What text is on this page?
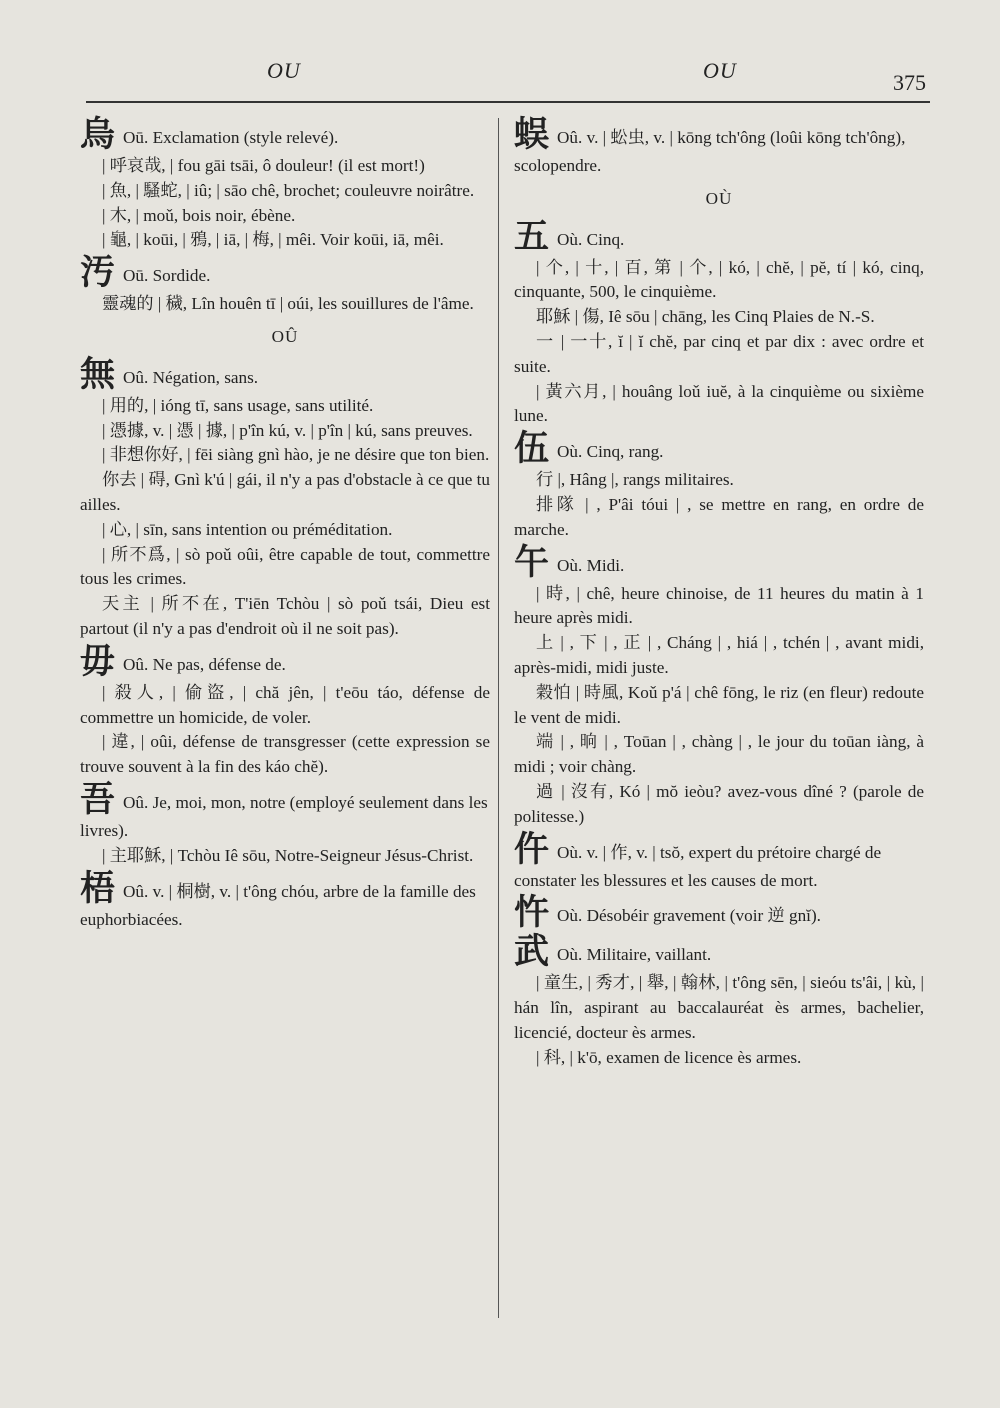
OU	OU	375
烏 Oū. Exclamation (style relevé).
| 呼哀哉, | fou gāi tsāi, ô douleur! (il est mort!)
| 魚, | 騷蛇, | iû; | sāo chê, brochet; couleuvre noirâtre.
| 木, | moǔ, bois noir, ébène.
| 龜, | koūi, | 鴉, | iā, | 梅, | mêi. Voir koūi, iā, mêi.
汚 Oū. Sordide.
靈魂的 | 穢, Lîn houên tī | oúi, les souillures de l'âme.
OÛ
無 Oû. Négation, sans.
| 用的, | ióng tī, sans usage, sans utilité.
| 憑據, v. | 憑 | 據, | p'în kú, v. | p'în | kú, sans preuves.
| 非想你好, | fēi siàng gnì hào, je ne désire que ton bien.
你去 | 碍, Gnì k'ú | gái, il n'y a pas d'obstacle à ce que tu ailles.
| 心, | sīn, sans intention ou préméditation.
| 所不爲, | sò poǔ oûi, être capable de tout, commettre tous les crimes.
天主 | 所不在, T'iēn Tchòu | sò poǔ tsái, Dieu est partout (il n'y a pas d'endroit où il ne soit pas).
毋 Oû. Ne pas, défense de.
| 殺人, | 偷盜, | chă jên, | t'eōu táo, défense de commettre un homicide, de voler.
| 違, | oûi, défense de transgresser (cette expression se trouve souvent à la fin des káo chĕ).
吾 Oû. Je, moi, mon, notre (employé seulement dans les livres).
| 主耶穌, | Tchòu Iê sōu, Notre-Seigneur Jésus-Christ.
梧 Oû. v. | 桐樹, v. | t'ông chóu, arbre de la famille des euphorbiacées.
蜈 Oû. v. | 蚣虫, v. | kōng tch'ông (loûi kōng tch'ông), scolopendre.
OÙ
五 Où. Cinq.
| 个, | 十, | 百, 第 | 个, | kó, | chĕ, | pĕ, tí | kó, cinq, cinquante, 500, le cinquième.
耶穌 | 傷, Iê sōu | chāng, les Cinq Plaies de N.-S.
一 | 一十, ĭ | ĭ chĕ, par cinq et par dix : avec ordre et suite.
| 黃六月, | houâng loǔ iuĕ, à la cinquième ou sixième lune.
伍 Où. Cinq, rang.
行 |, Hâng |, rangs militaires.
排隊 | , P'âi tóui | , se mettre en rang, en ordre de marche.
午 Où. Midi.
| 時, | chê, heure chinoise, de 11 heures du matin à 1 heure après midi.
上 | , 下 | , 正 | , Cháng | , hiá | , tchén | , avant midi, après-midi, midi juste.
穀怕 | 時風, Koǔ p'á | chê fōng, le riz (en fleur) redoute le vent de midi.
端 | , 晌 | , Toūan | , chàng | , le jour du toūan iàng, à midi ; voir chàng.
過 | 沒有, Kó | mŏ ieòu? avez-vous dîné ? (parole de politesse.)
仵 Où. v. | 作, v. | tsŏ, expert du prétoire chargé de constater les blessures et les causes de mort.
忤 Où. Désobéir gravement (voir 逆 gnĭ).
武 Où. Militaire, vaillant.
| 童生, | 秀才, | 舉, | 翰林, | t'ông sēn, | sieóu ts'âi, | kù, | hán lîn, aspirant au baccalauréat ès armes, bachelier, licencié, docteur ès armes.
| 科, | k'ō, examen de licence ès armes.
